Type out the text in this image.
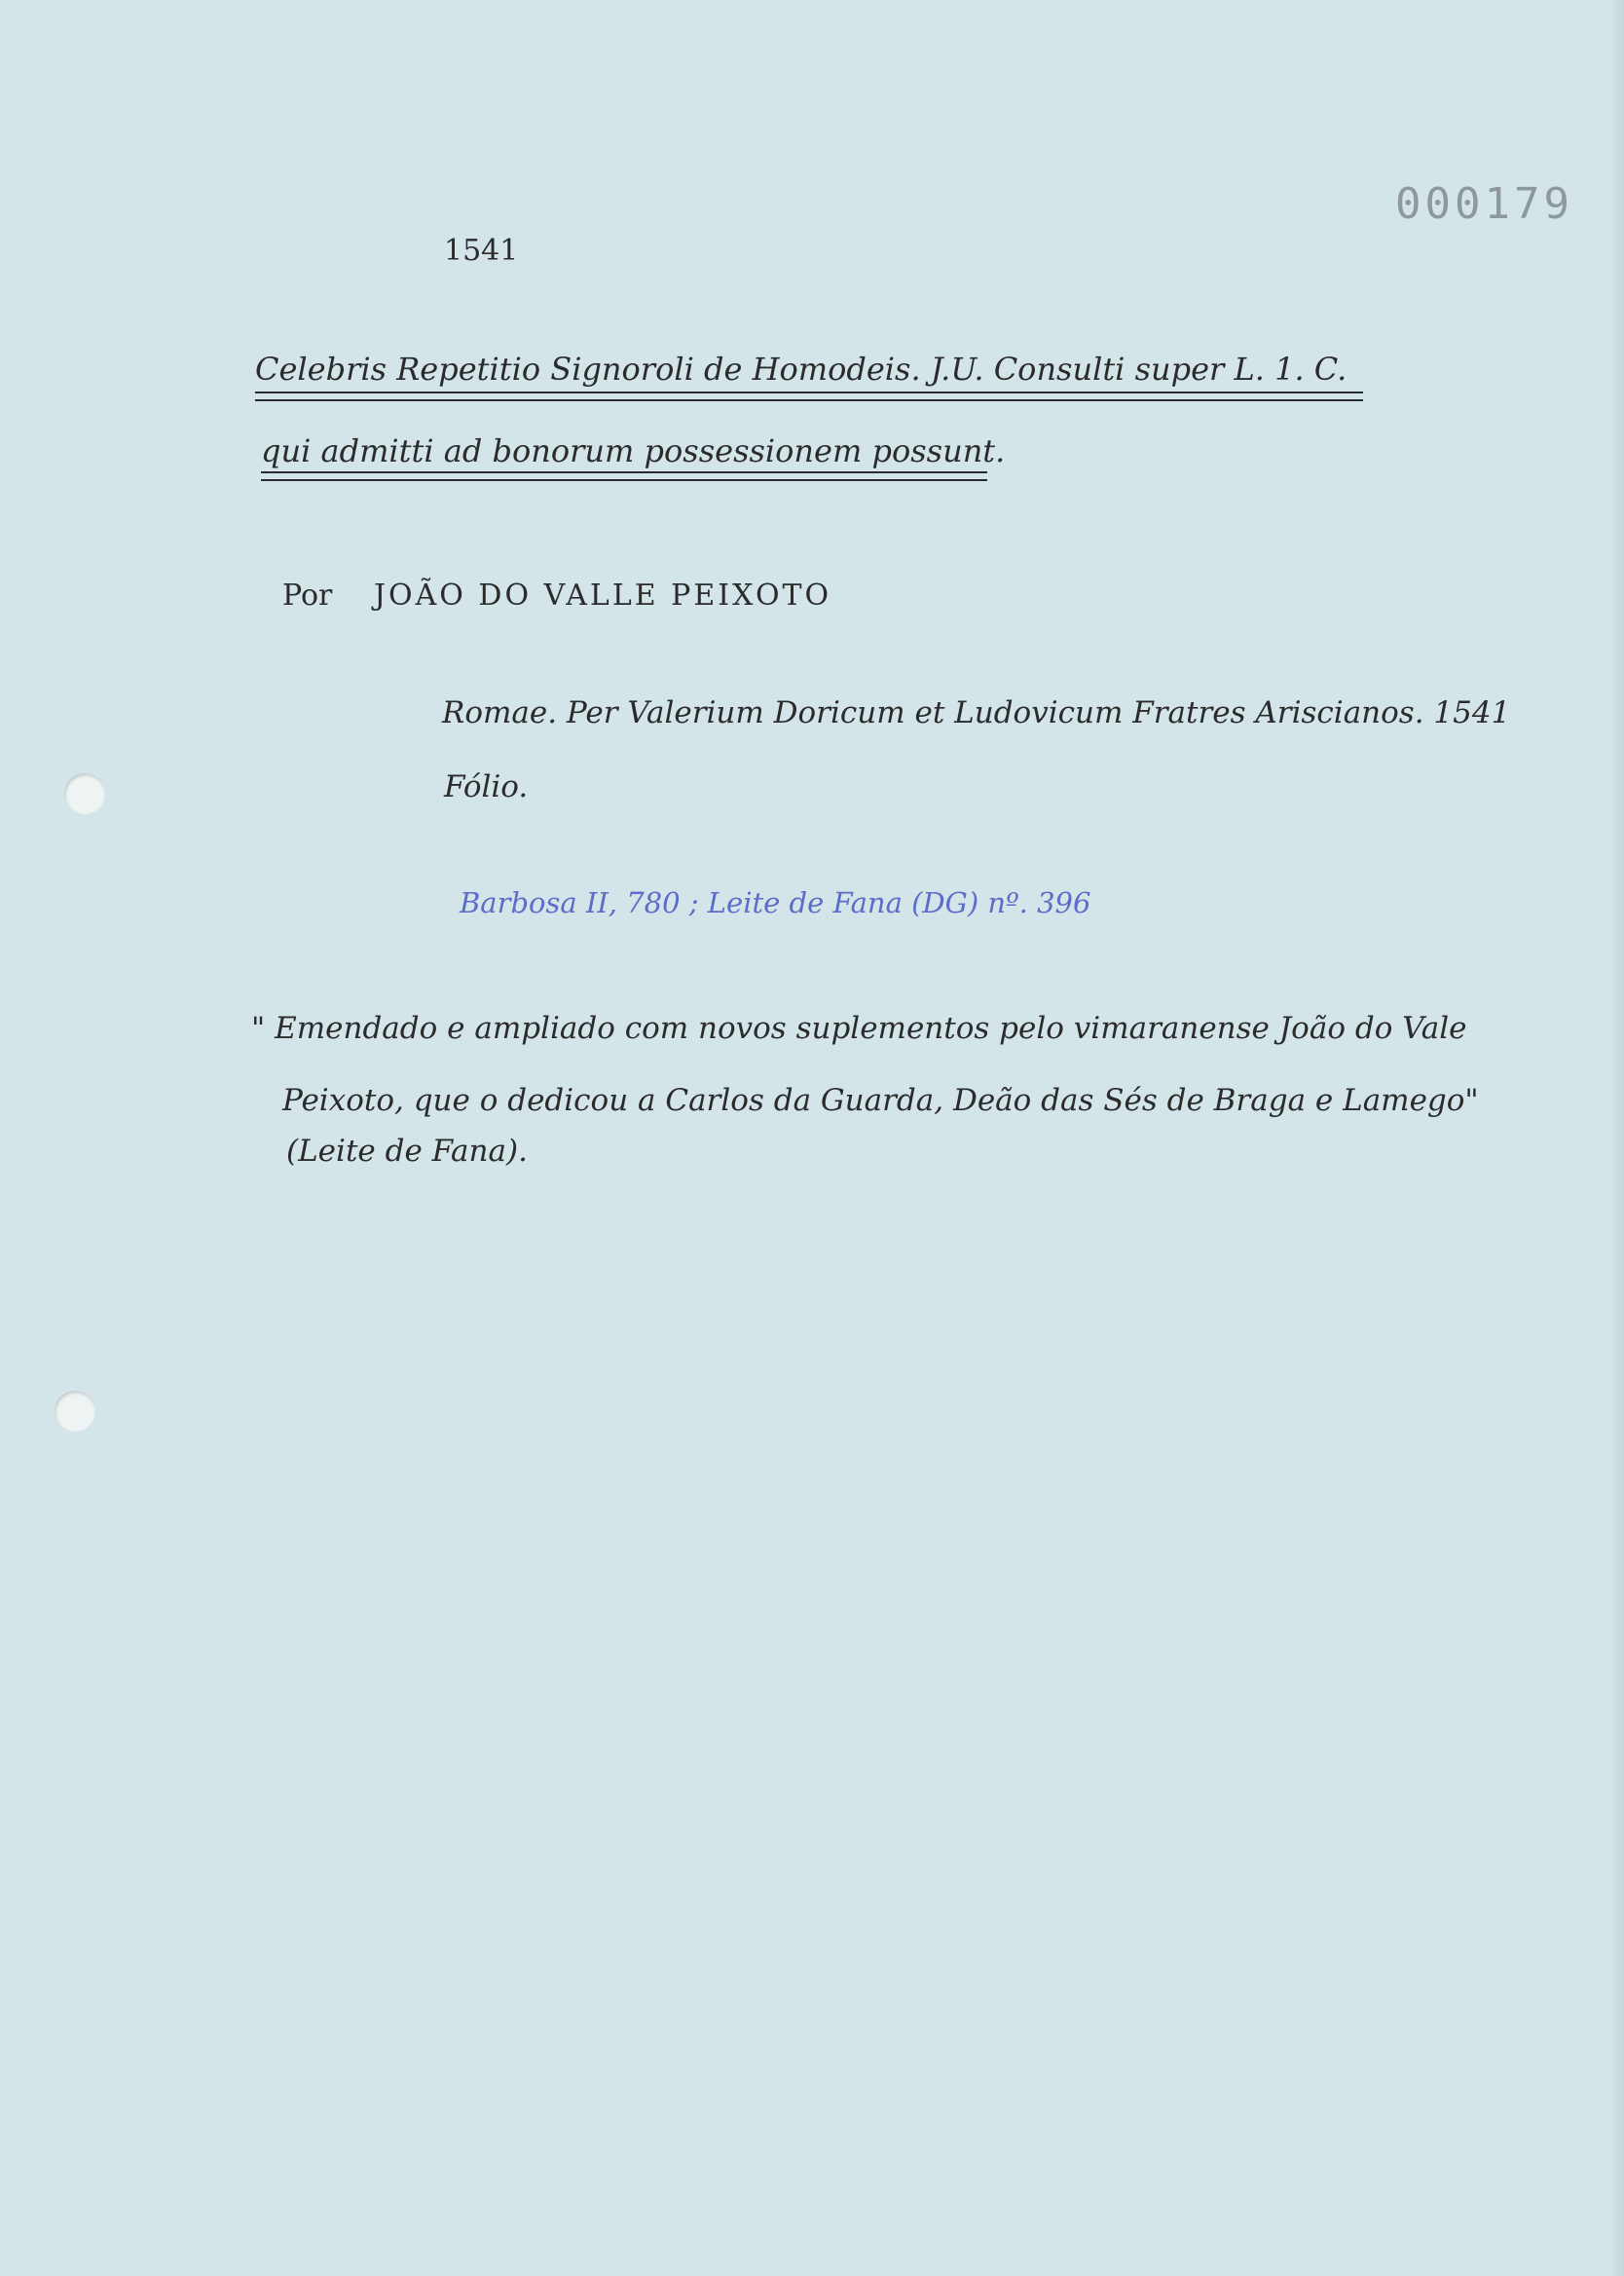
000179
1541
Celebris Repetitio Signoroli de Homodeis. J.U. Consulti super L. 1. C.
qui admitti ad bonorum possessionem possunt.
Por JOÃO DO VALLE PEIXOTO
Romae. Per Valerium Doricum et Ludovicum Fratres Ariscianos. 1541
Fólio.
Barbosa II, 780 ; Leite de Fana (DG) nº. 396
" Emendado e ampliado com novos suplementos pelo vimaranense João do Vale
Peixoto, que o dedicou a Carlos da Guarda, Deão das Sés de Braga e Lamego"
(Leite de Fana).
